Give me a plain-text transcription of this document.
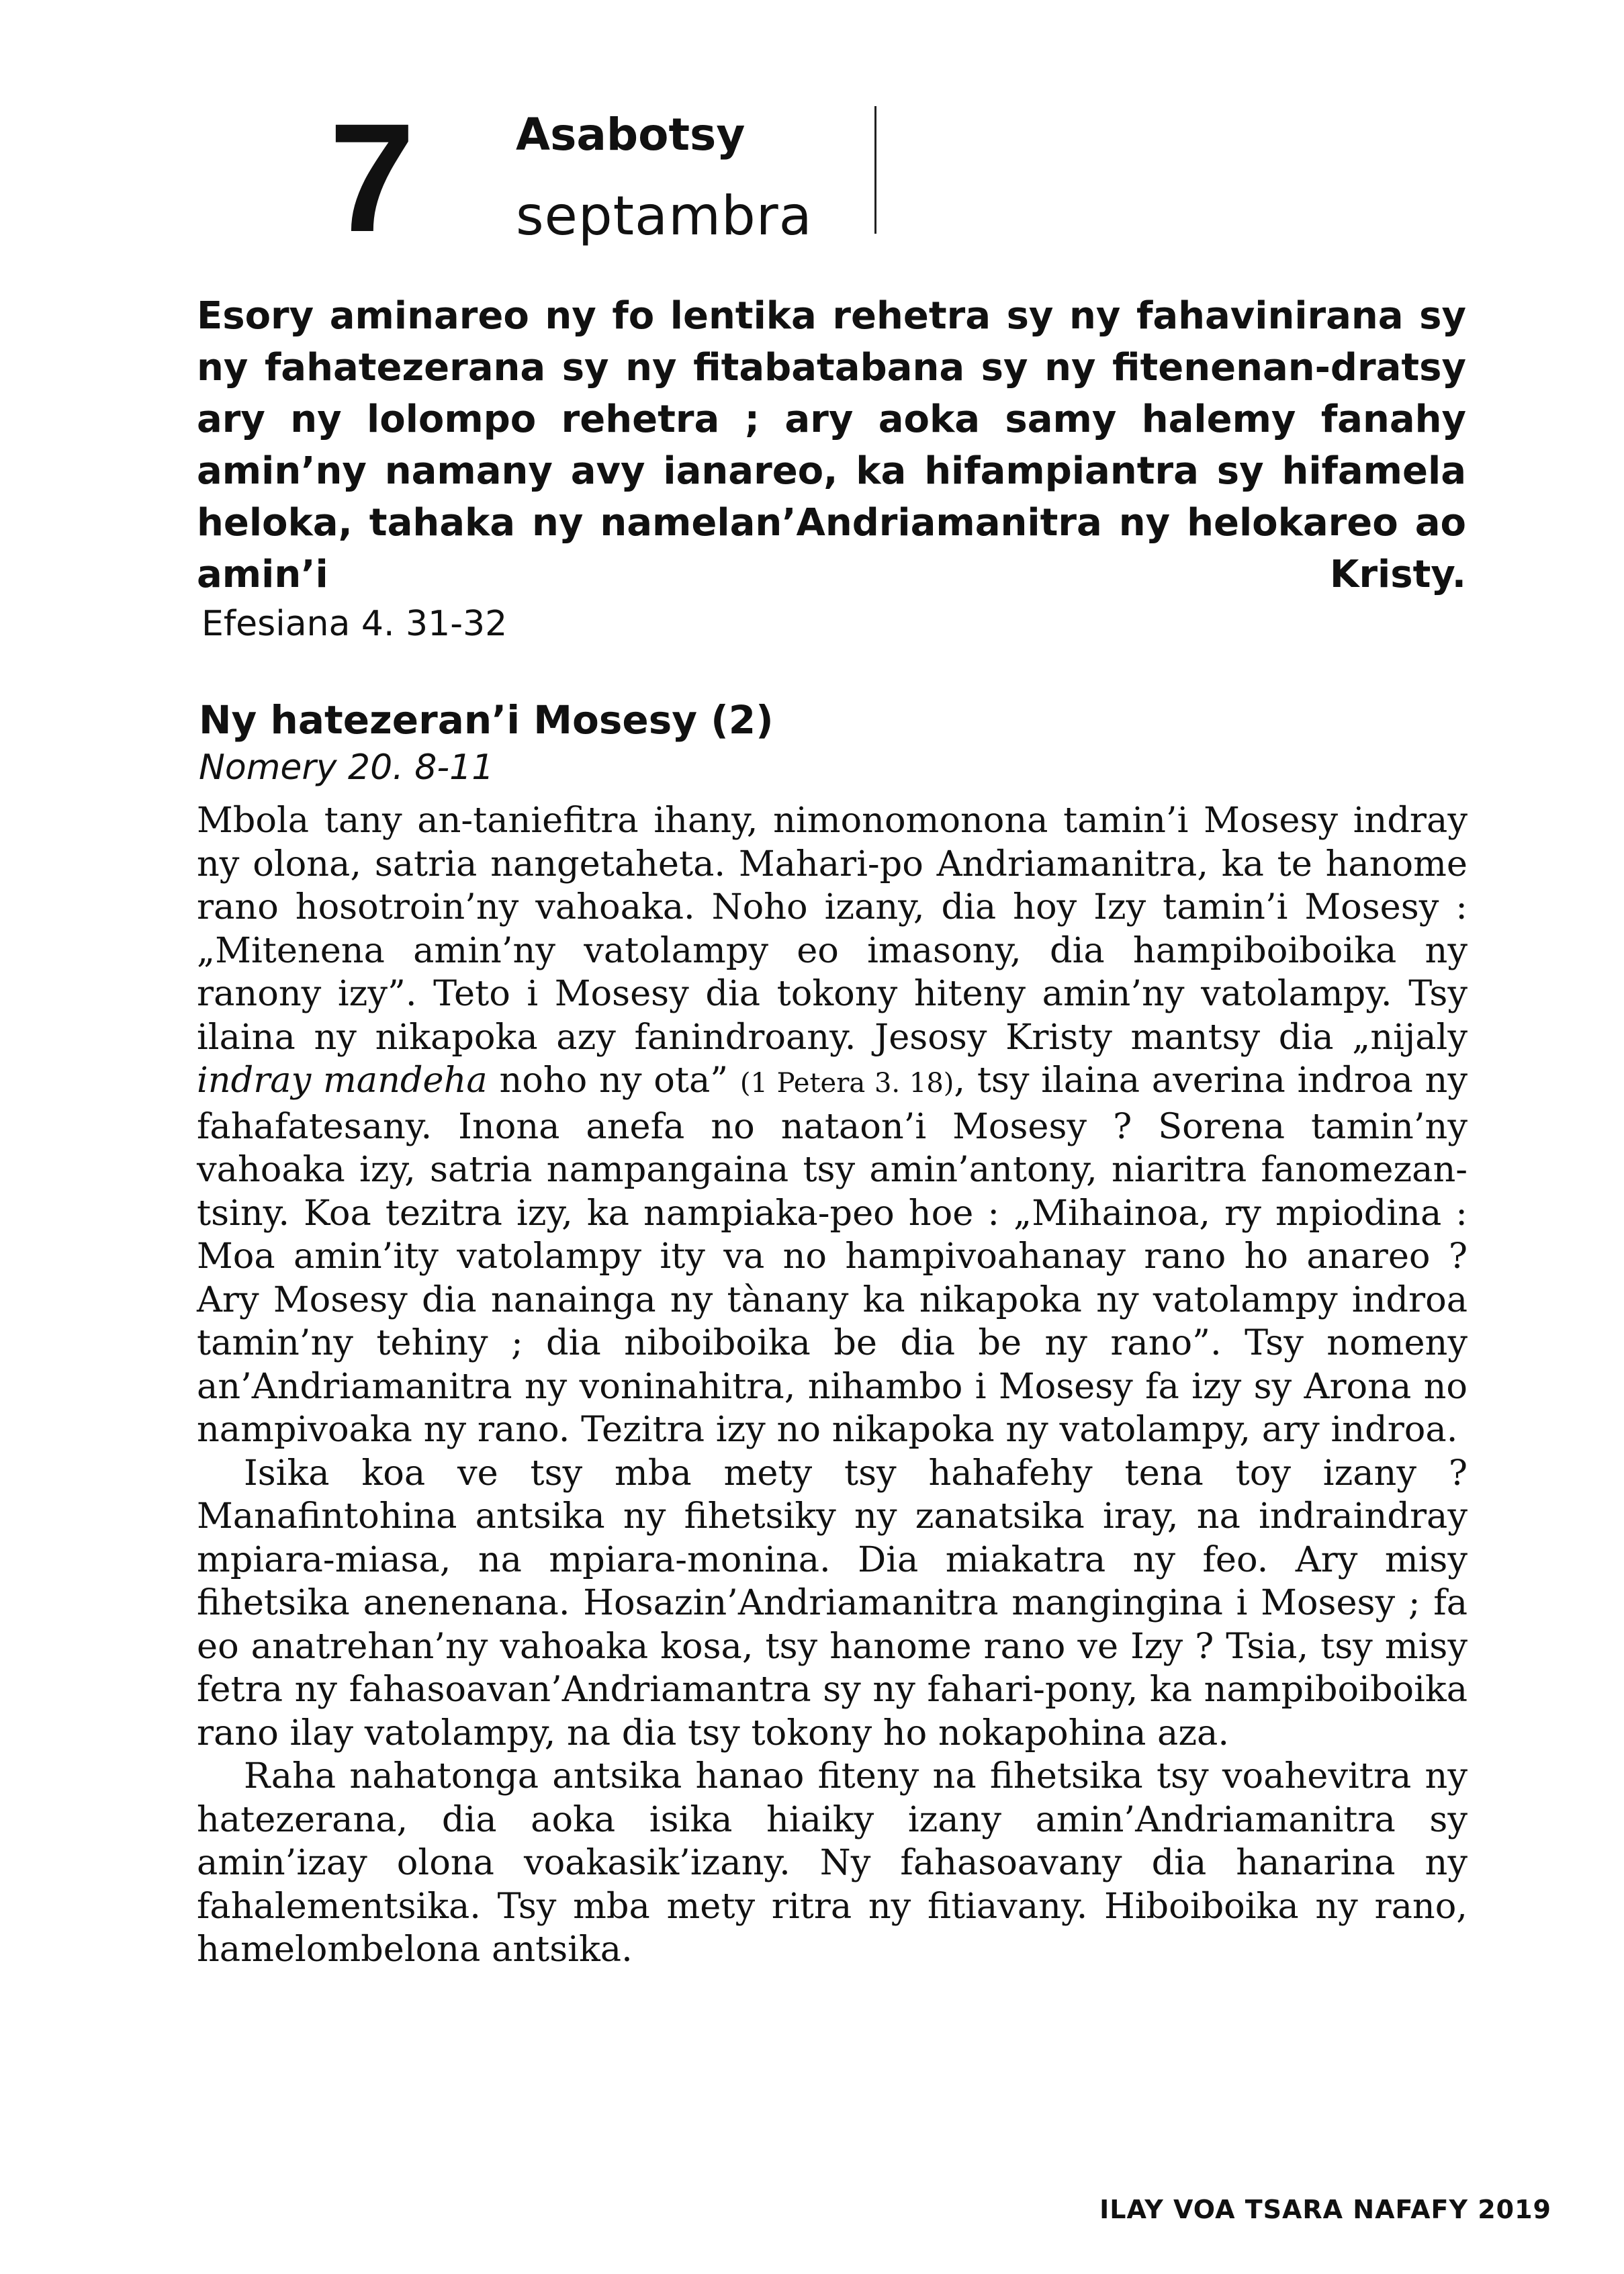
7 Asabotsy
septambra
Esory aminareo ny fo lentika rehetra sy ny fahavinirana sy ny fahatezerana sy ny fitabatabana sy ny fitenenan-dratsy ary ny lolompo rehetra ; ary aoka samy halemy fanahy amin’ny namany avy ianareo, ka hifampiantra sy hifamela heloka, tahaka ny namelan’Andriamanitra ny helokareo ao amin’i Kristy.
Efesiana 4. 31-32
Ny hatezeran’i Mosesy (2)
Nomery 20. 8-11

Mbola tany an-taniefitra ihany, nimonomonona tamin’i Mosesy indray ny olona, satria nangetaheta. Mahari-po Andriamanitra, ka te hanome rano hosotroin’ny vahoaka. Noho izany, dia hoy Izy tamin’i Mosesy : „Mitenena amin’ny vatolampy eo imasony, dia hampiboiboika ny ranony izy”. Teto i Mosesy dia tokony hiteny amin’ny vatolampy. Tsy ilaina ny nikapoka azy fanindroany. Jesosy Kristy mantsy dia „nijaly indray mandeha noho ny ota” (1 Petera 3. 18), tsy ilaina averina indroa ny fahafatesany. Inona anefa no nataon’i Mosesy ? Sorena tamin’ny vahoaka izy, satria nampangaina tsy amin’antony, niaritra fanomezan-tsiny. Koa tezitra izy, ka nampiaka-peo hoe : „Mihainoa, ry mpiodina : Moa amin’ity vatolampy ity va no hampivoahanay rano ho anareo ? Ary Mosesy dia nanainga ny tànany ka nikapoka ny vatolampy indroa tamin’ny tehiny ; dia niboiboika be dia be ny rano”. Tsy nomeny an’Andriamanitra ny voninahitra, nihambo i Mosesy fa izy sy Arona no nampivoaka ny rano. Tezitra izy no nikapoka ny vatolampy, ary indroa.

Isika koa ve tsy mba mety tsy hahafehy tena toy izany ? Manafintohina antsika ny fihetsiky ny zanatsika iray, na indraindray mpiara-miasa, na mpiara-monina. Dia miakatra ny feo. Ary misy fihetsika anenenana. Hosazin’Andriamanitra mangingina i Mosesy ; fa eo anatrehan’ny vahoaka kosa, tsy hanome rano ve Izy ? Tsia, tsy misy fetra ny fahasoavan’Andriamantra sy ny fahari-pony, ka nampiboiboika rano ilay vatolampy, na dia tsy tokony ho nokapohina aza.

Raha nahatonga antsika hanao fiteny na fihetsika tsy voahevitra ny hatezerana, dia aoka isika hiaiky izany amin’Andriamanitra sy amin’izay olona voakasik’izany. Ny fahasoavany dia hanarina ny fahalementsika. Tsy mba mety ritra ny fitiavany. Hiboiboika ny rano, hamelombelona antsika.

ILAY VOA TSARA NAFAFY 2019
